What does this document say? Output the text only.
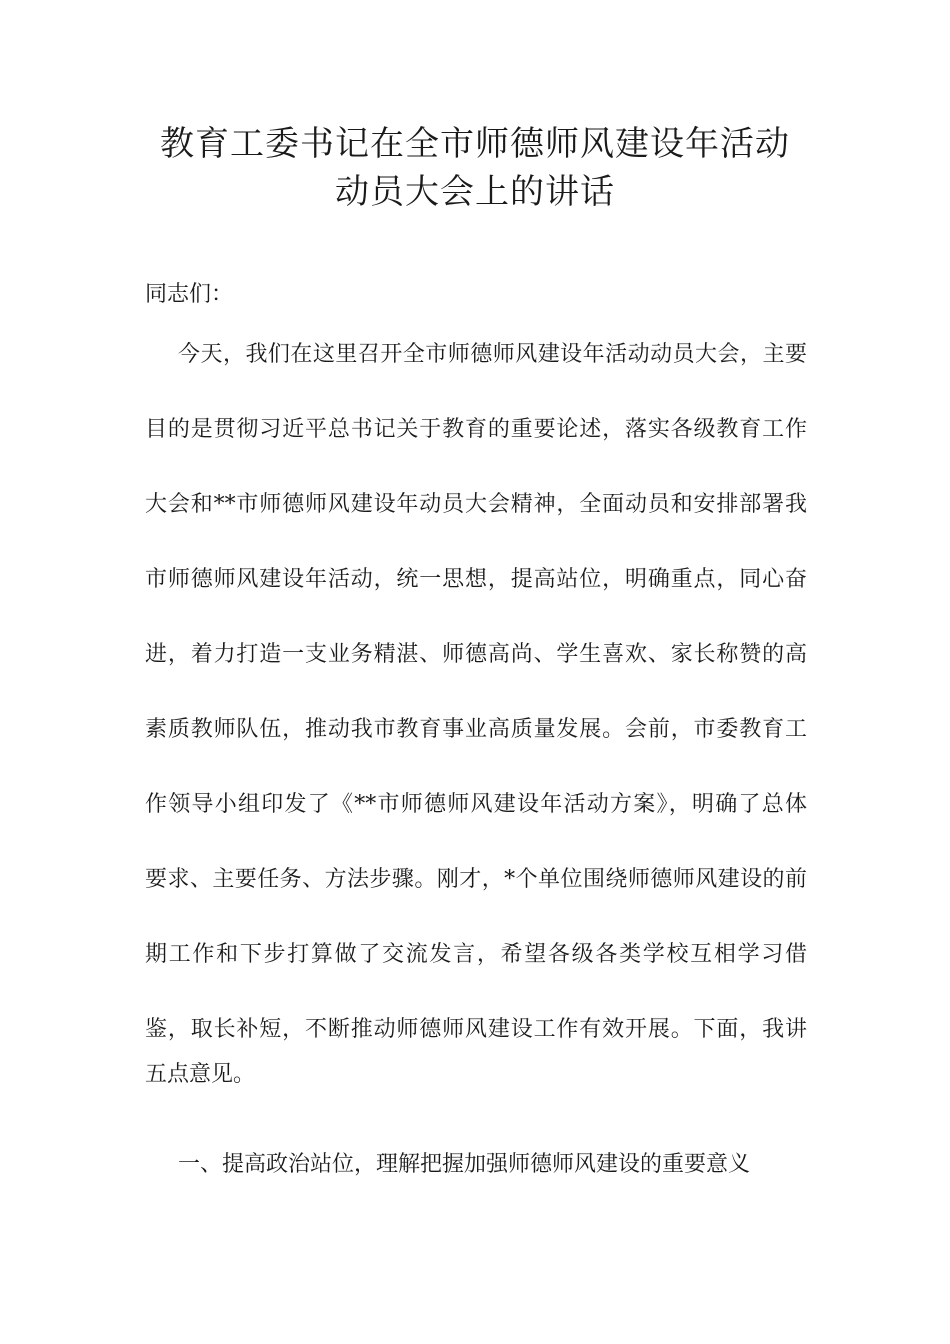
教育工委书记在全市师德师风建设年活动
动员大会上的讲话
同志们：
今天，我们在这里召开全市师德师风建设年活动动员大会，主要
目的是贯彻习近平总书记关于教育的重要论述，落实各级教育工作
大会和**市师德师风建设年动员大会精神，全面动员和安排部署我
市师德师风建设年活动，统一思想，提高站位，明确重点，同心奋
进，着力打造一支业务精湛、师德高尚、学生喜欢、家长称赞的高
素质教师队伍，推动我市教育事业高质量发展。会前，市委教育工
作领导小组印发了《**市师德师风建设年活动方案》，明确了总体
要求、主要任务、方法步骤。刚才，*个单位围绕师德师风建设的前
期工作和下步打算做了交流发言，希望各级各类学校互相学习借
鉴，取长补短，不断推动师德师风建设工作有效开展。下面，我讲
五点意见。
一、提高政治站位，理解把握加强师德师风建设的重要意义
